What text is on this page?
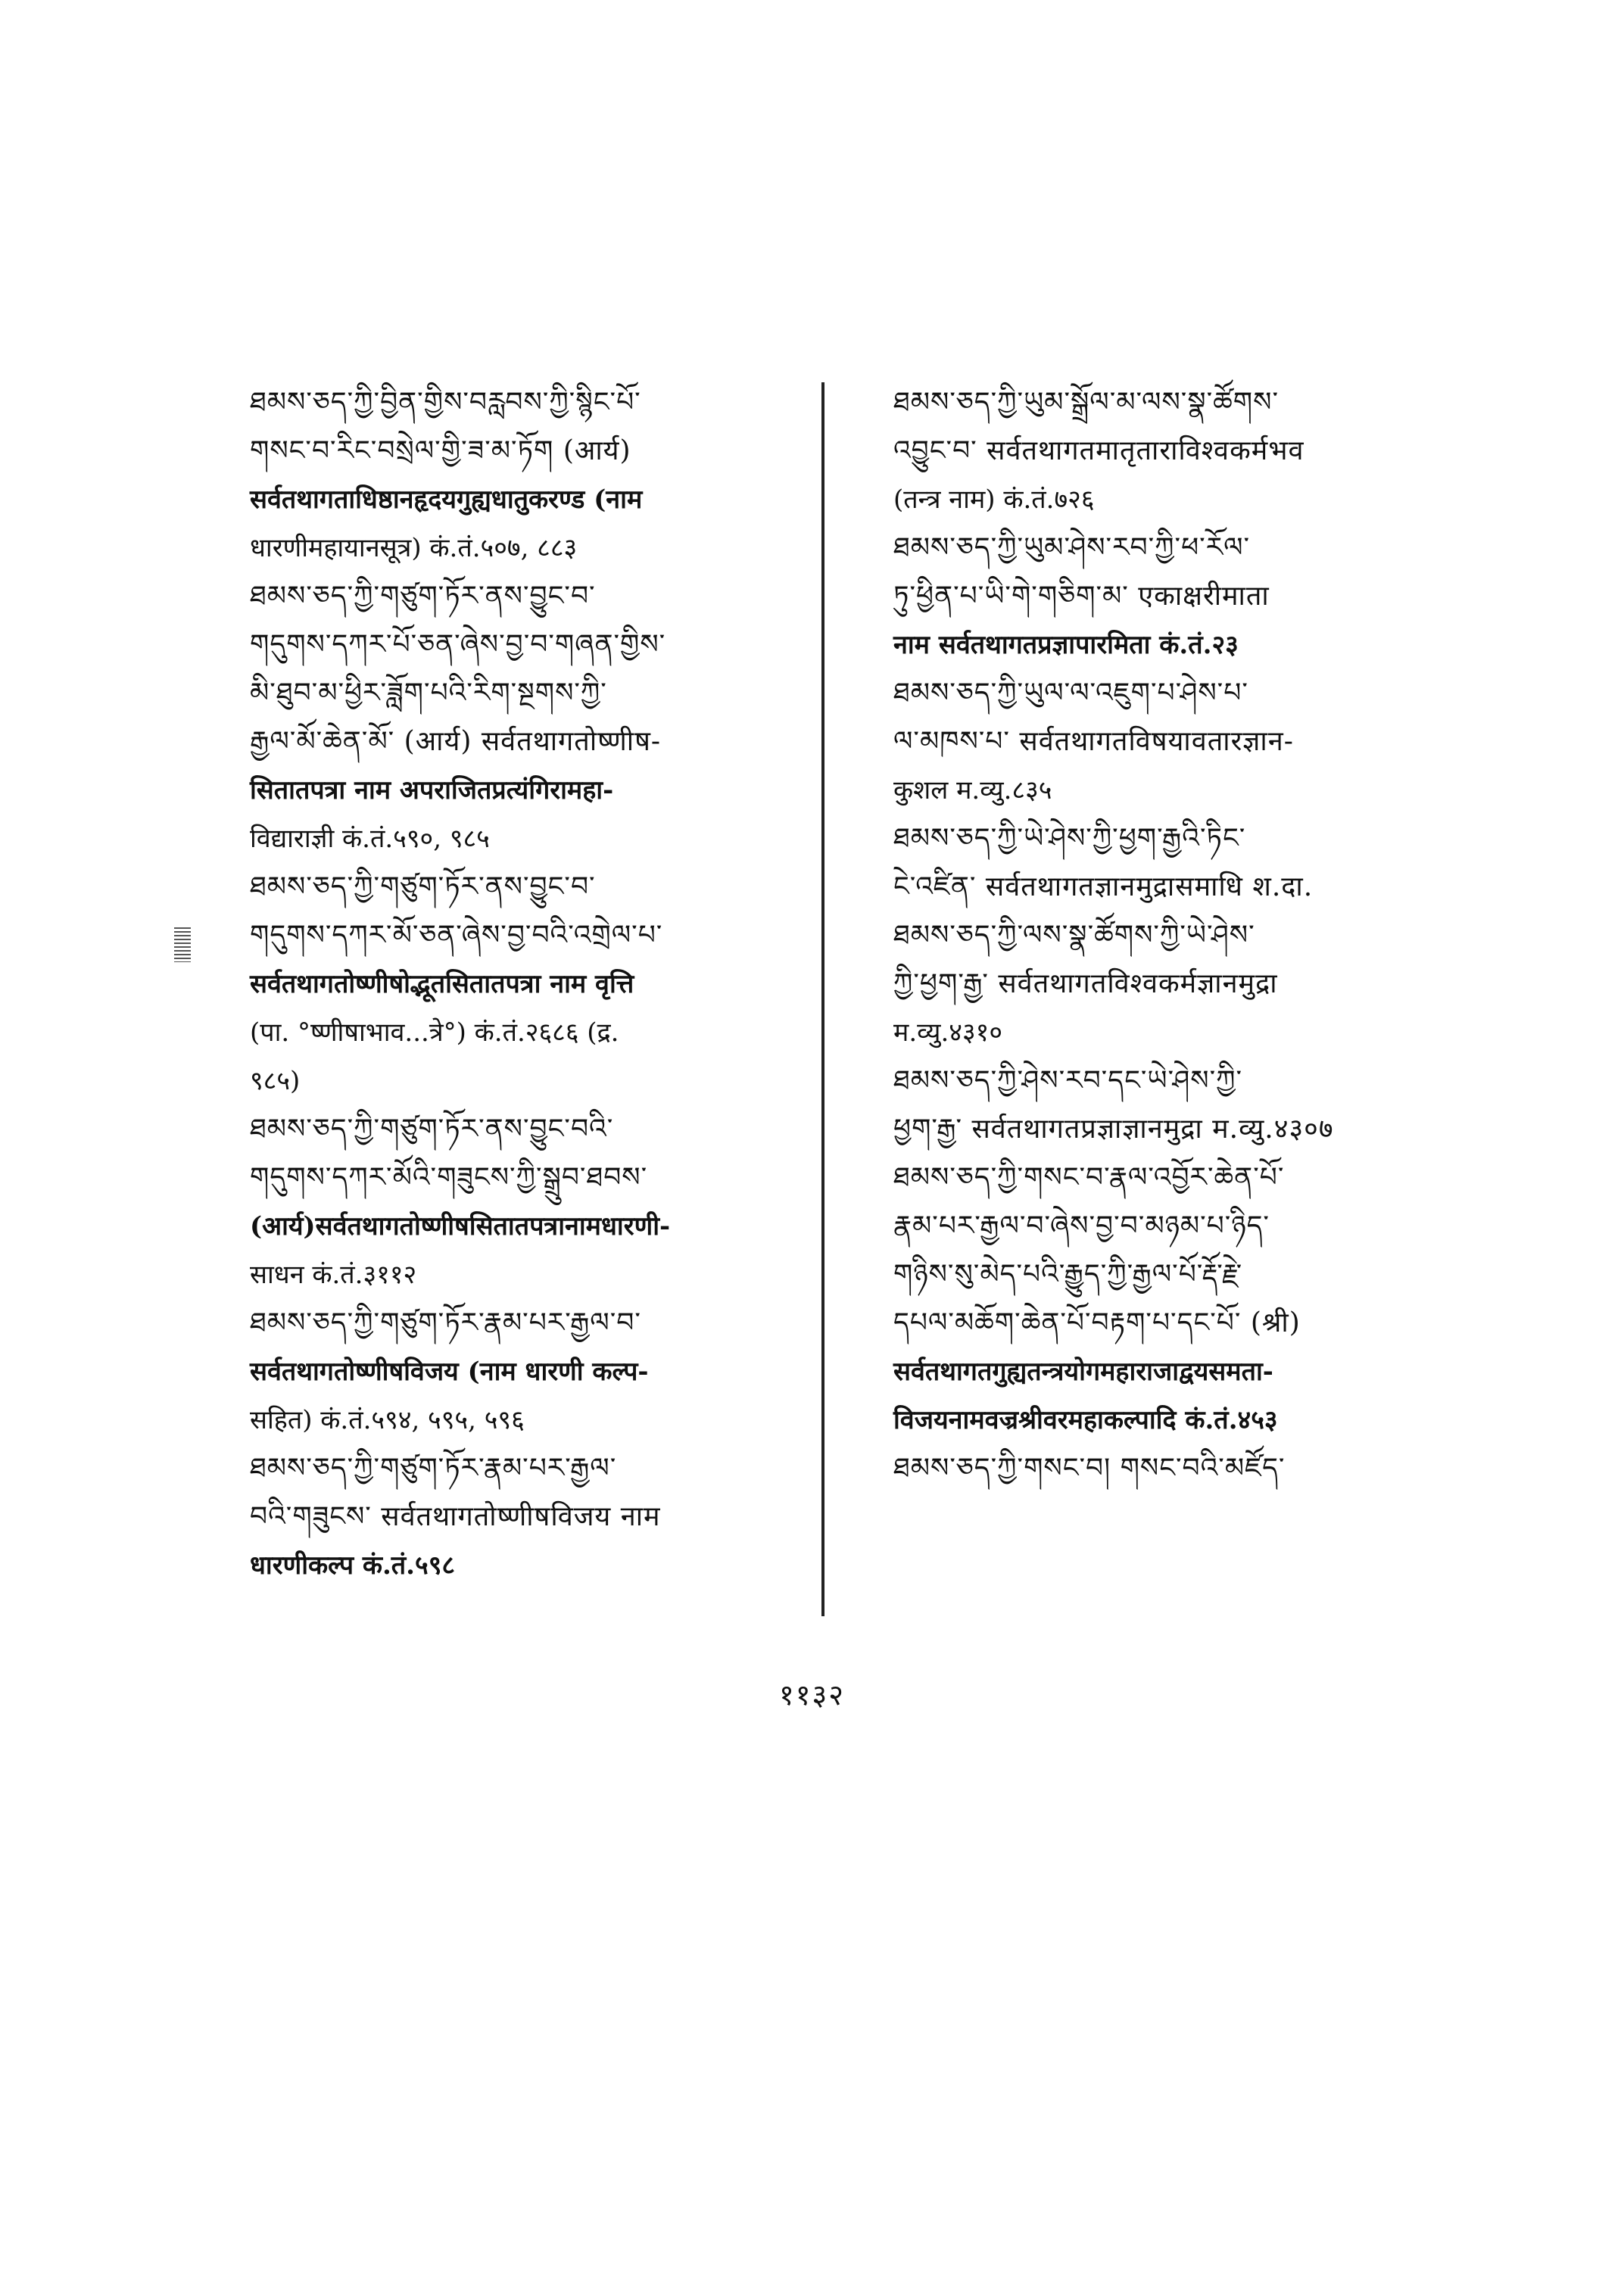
ཐམས་ཅད་ཀྱི་བྱིན་གྱིས་བརླབས་ཀྱི་སྙིང་པོ་
གསང་བ་རིང་བསྲེལ་གྱི་ཟ་མ་ཏོག (आर्य)
सर्वतथागताधिष्ठानहृदयगुह्यधातुकरण्ड (नाम
धारणीमहायानसूत्र) कं.तं.५०७, ८८३
ཐམས་ཅད་ཀྱི་གཙུག་ཏོར་ནས་བྱུང་བ་
གདུགས་དཀར་པོ་ཅན་ཞེས་བྱ་བ་གཞན་གྱིས་
མི་ཐུབ་མ་ཕྱིར་ཟློག་པའི་རིག་སྔགས་ཀྱི་
རྒྱལ་མོ་ཆེན་མོ་ (आर्य) सर्वतथागतोष्णीष-
सितातपत्रा नाम अपराजितप्रत्यंगिरामहा-
विद्याराज्ञी कं.तं.५९०, ९८५
ཐམས་ཅད་ཀྱི་གཙུག་ཏོར་ནས་བྱུང་བ་
གདུགས་དཀར་མོ་ཅན་ཞེས་བྱ་བའི་འགྲེལ་པ་
सर्वतथागतोष्णीषोद्भूतसितातपत्रा नाम वृत्ति
(पा. °ष्णीषाभाव...त्रे°) कं.तं.२६८६ (द्र.
९८५)
ཐམས་ཅད་ཀྱི་གཙུག་ཏོར་ནས་བྱུང་བའི་
གདུགས་དཀར་མོའི་གཟུངས་ཀྱི་སྒྲུབ་ཐབས་
(आर्य)सर्वतथागतोष्णीषसितातपत्रानामधारणी-
साधन कं.तं.३११२
ཐམས་ཅད་ཀྱི་གཙུག་ཏོར་རྣམ་པར་རྒྱལ་བ་
सर्वतथागतोष्णीषविजय (नाम धारणी कल्प-
सहित) कं.तं.५९४, ५९५, ५९६
ཐམས་ཅད་ཀྱི་གཙུག་ཏོར་རྣམ་པར་རྒྱལ་
བའི་གཟུངས་ सर्वतथागतोष्णीषविजय नाम
धारणीकल्प कं.तं.५९८
ཐམས་ཅད་ཀྱི་ཡུམ་སྒྲོལ་མ་ལས་སྣ་ཚོགས་
འབྱུང་བ་ सर्वतथागतमातृताराविश्वकर्मभव
(तन्त्र नाम) कं.तं.७२६
ཐམས་ཅད་ཀྱི་ཡུམ་ཤེས་རབ་ཀྱི་ཕ་རོལ་
ཏུ་ཕྱིན་པ་ཡི་གེ་གཅིག་མ་ एकाक्षरीमाता
नाम सर्वतथागतप्रज्ञापारमिता कं.तं.२३
ཐམས་ཅད་ཀྱི་ཡུལ་ལ་འཇུག་པ་ཤེས་པ་
ལ་མཁས་པ་ सर्वतथागतविषयावतारज्ञान-
कुशल म.व्यु.८३५
ཐམས་ཅད་ཀྱི་ཡེ་ཤེས་ཀྱི་ཕྱག་རྒྱའི་ཏིང་
ངེ་འཛིན་ सर्वतथागतज्ञानमुद्रासमाधि श.दा.
ཐམས་ཅད་ཀྱི་ལས་སྣ་ཚོགས་ཀྱི་ཡེ་ཤེས་
ཀྱི་ཕྱག་རྒྱ་ सर्वतथागतविश्वकर्मज्ञानमुद्रा
म.व्यु.४३१०
ཐམས་ཅད་ཀྱི་ཤེས་རབ་དང་ཡེ་ཤེས་ཀྱི་
ཕྱག་རྒྱ་ सर्वतथागतप्रज्ञाज्ञानमुद्रा म.व्यु.४३०७
ཐམས་ཅད་ཀྱི་གསང་བ་རྣལ་འབྱོར་ཆེན་པོ་
རྣམ་པར་རྒྱལ་བ་ཞེས་བྱ་བ་མཉམ་པ་ཉིད་
གཉིས་སུ་མེད་པའི་རྒྱུད་ཀྱི་རྒྱལ་པོ་རྡོ་རྗེ་
དཔལ་མཆོག་ཆེན་པོ་བརྟག་པ་དང་པོ་ (श्री)
सर्वतथागतगुह्यतन्त्रयोगमहाराजाद्वयसमता-
विजयनामवज्रश्रीवरमहाकल्पादि कं.तं.४५३
ཐམས་ཅད་ཀྱི་གསང་བ། གསང་བའི་མཛོད་
११३२
